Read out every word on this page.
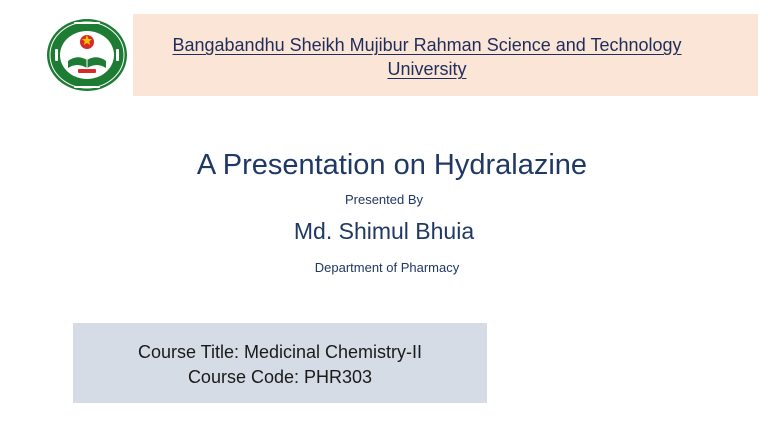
Bangabandhu Sheikh Mujibur Rahman Science and Technology University
A Presentation on Hydralazine
Presented By
Md. Shimul Bhuia
Department of Pharmacy
Course Title: Medicinal Chemistry-II
Course Code: PHR303
